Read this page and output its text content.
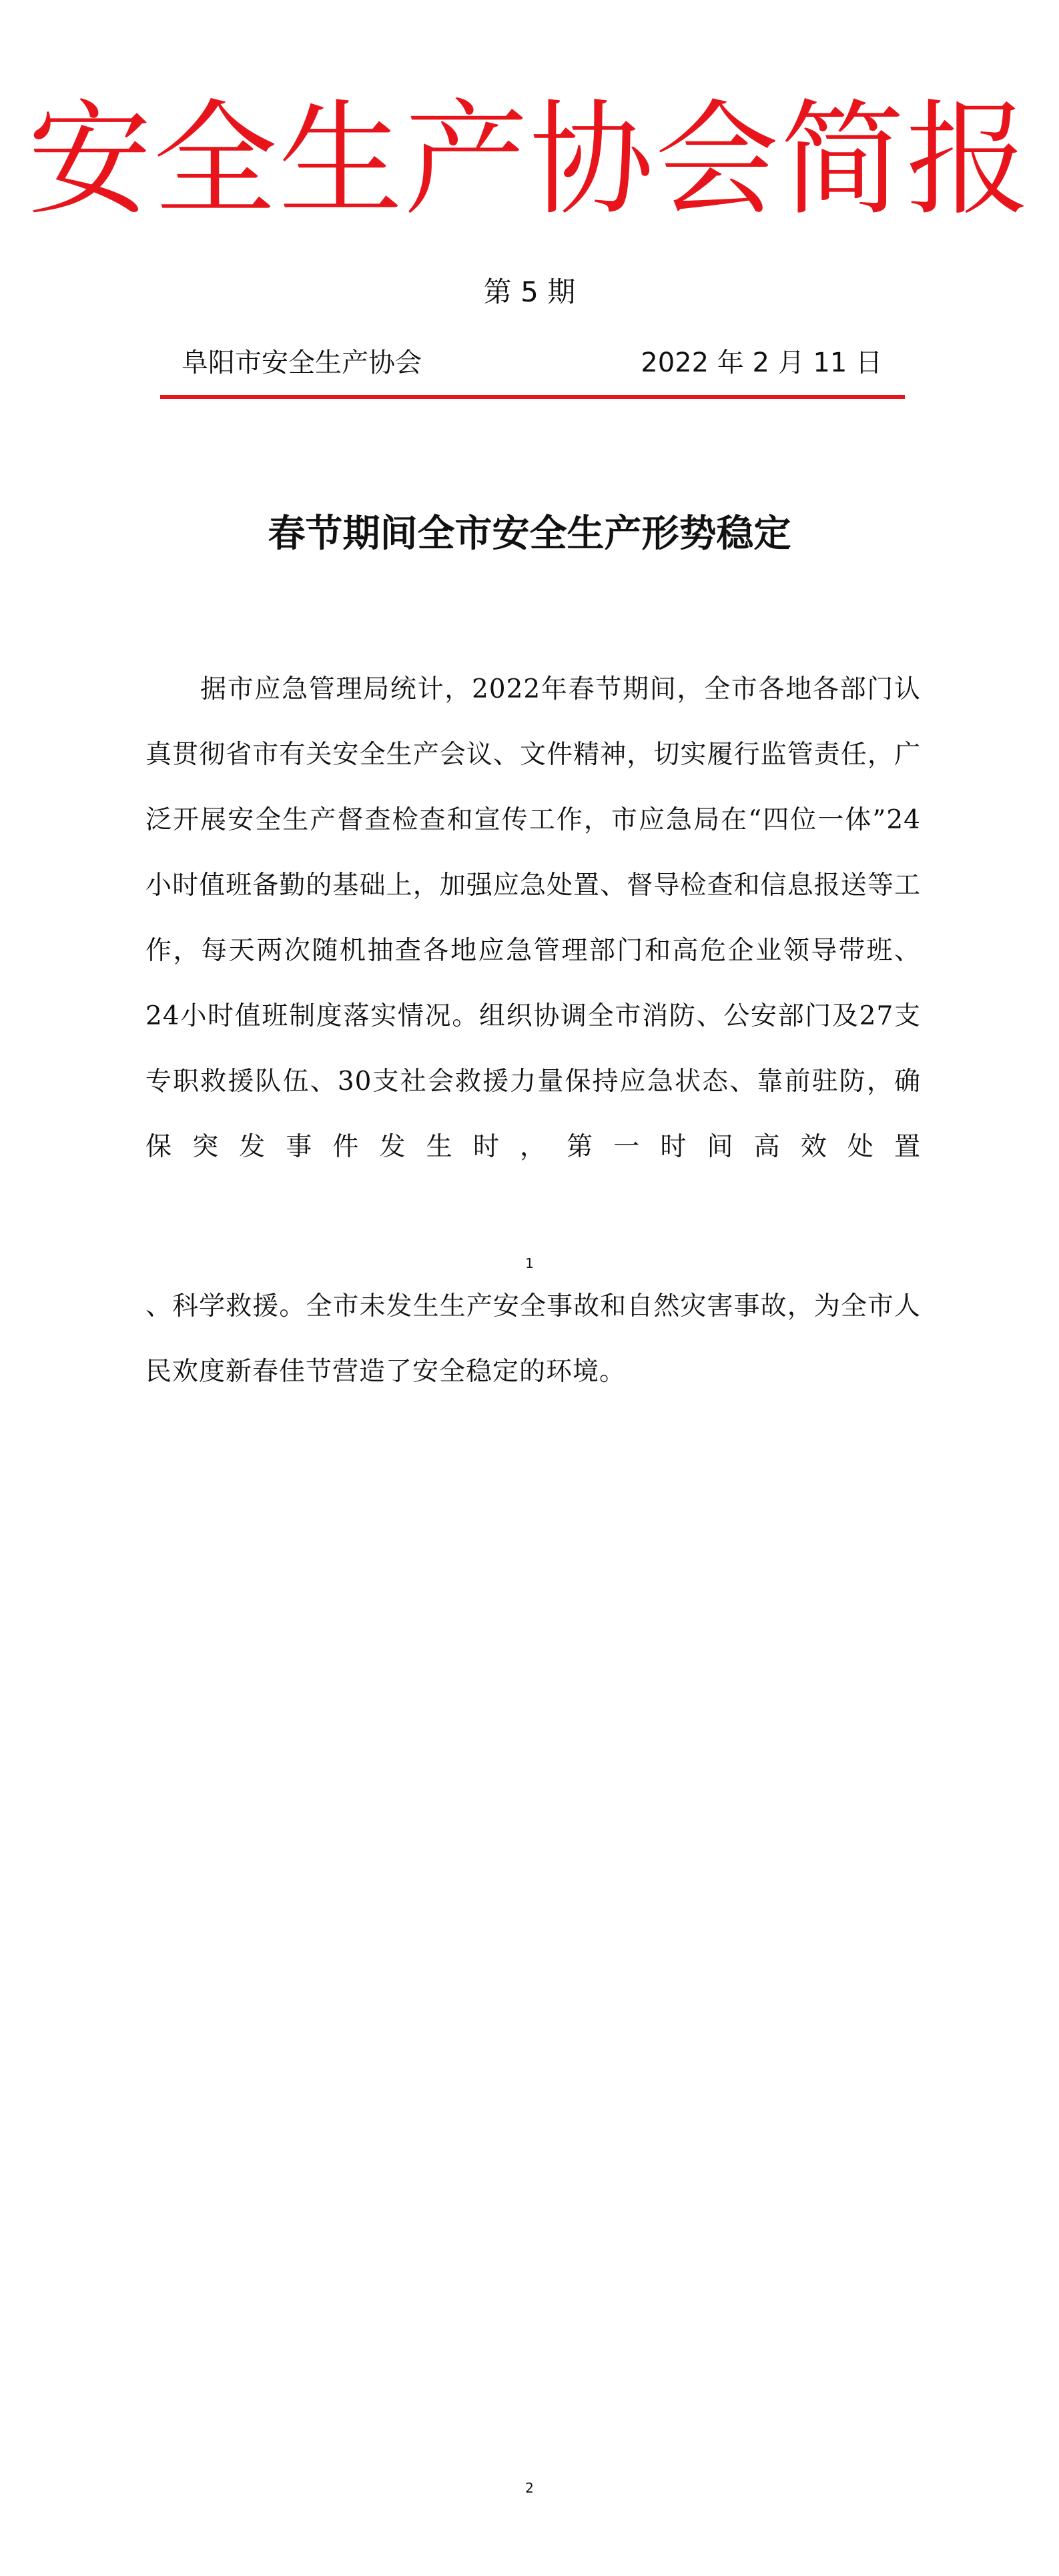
安全生产协会简报
第 5 期
阜阳市安全生产协会	2022 年 2 月 11 日
春节期间全市安全生产形势稳定

据市应急管理局统计，2022年春节期间，全市各地各部门认真贯彻省市有关安全生产会议、文件精神，切实履行监管责任，广泛开展安全生产督查检查和宣传工作，市应急局在“四位一体”24小时值班备勤的基础上，加强应急处置、督导检查和信息报送等工作，每天两次随机抽查各地应急管理部门和高危企业领导带班、24小时值班制度落实情况。组织协调全市消防、公安部门及27支专职救援队伍、30支社会救援力量保持应急状态、靠前驻防，确保突发事件发生时，第一时间高效处置

1

、科学救援。全市未发生生产安全事故和自然灾害事故，为全市人民欢度新春佳节营造了安全稳定的环境。

2
